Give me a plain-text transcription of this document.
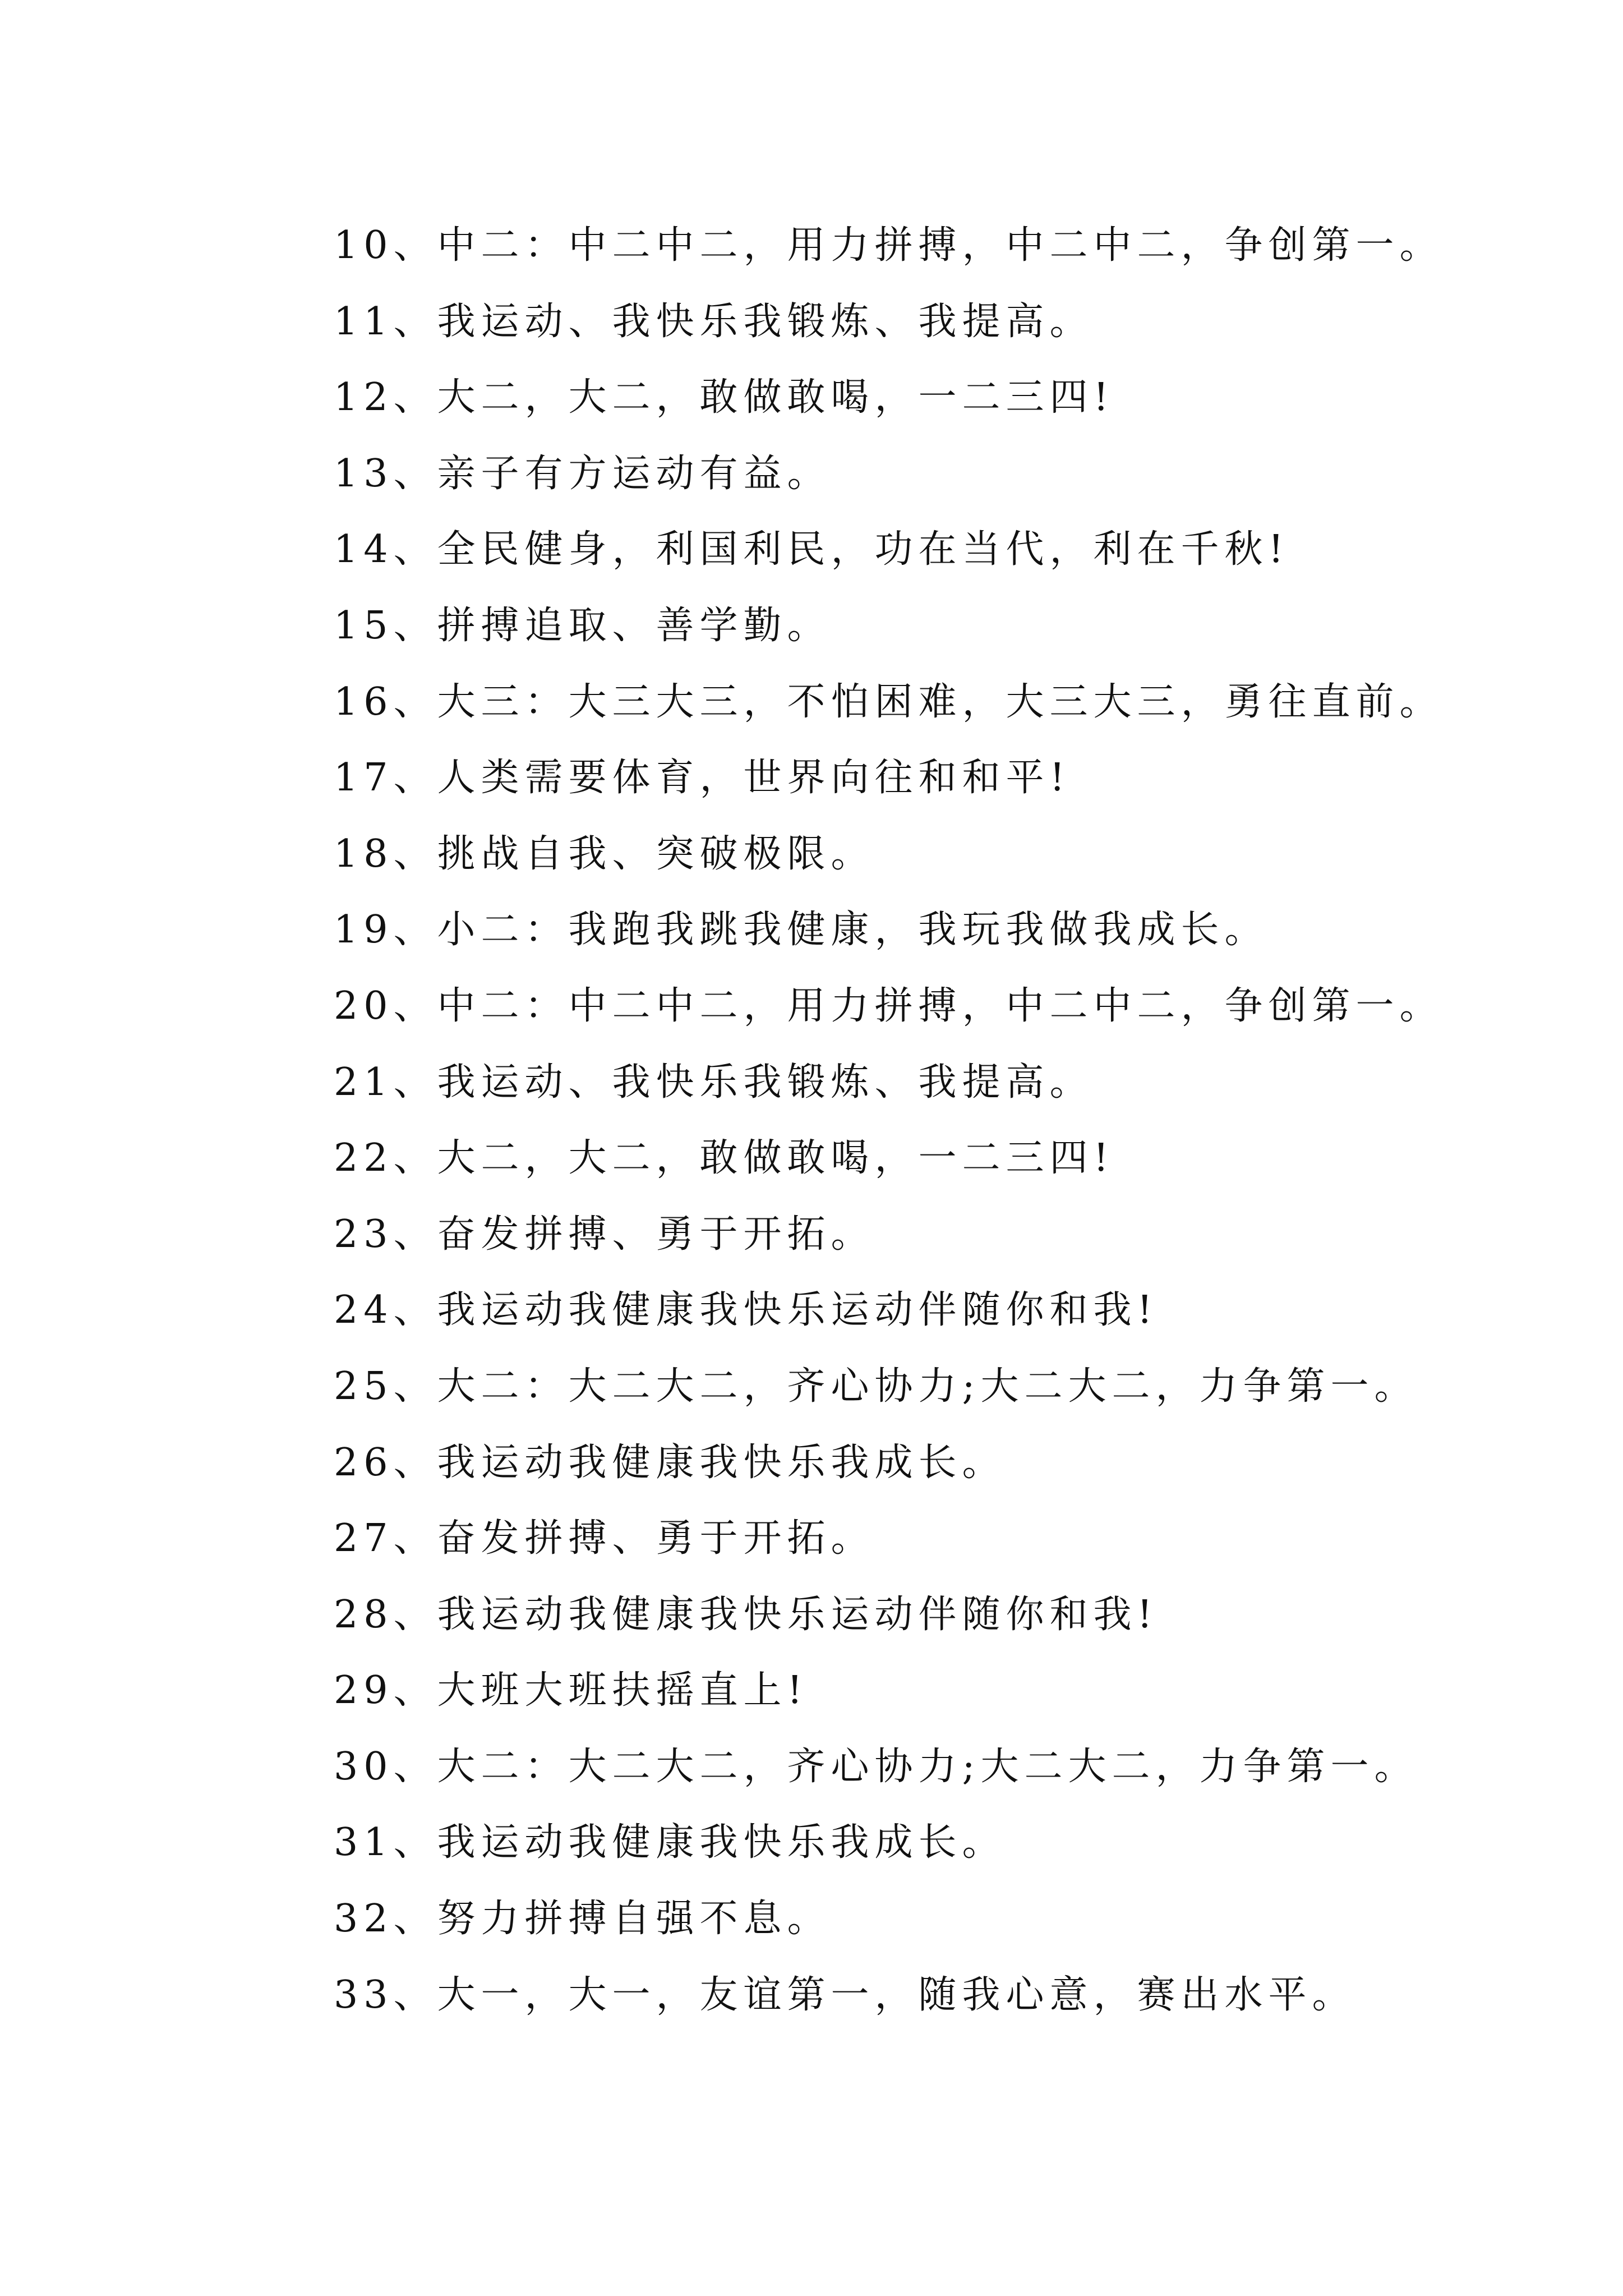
10、中二：中二中二，用力拼搏，中二中二，争创第一。
11、我运动、我快乐我锻炼、我提高。
12、大二，大二，敢做敢喝，一二三四!
13、亲子有方运动有益。
14、全民健身，利国利民，功在当代，利在千秋!
15、拼搏追取、善学勤。
16、大三：大三大三，不怕困难，大三大三，勇往直前。
17、人类需要体育，世界向往和和平!
18、挑战自我、突破极限。
19、小二：我跑我跳我健康，我玩我做我成长。
20、中二：中二中二，用力拼搏，中二中二，争创第一。
21、我运动、我快乐我锻炼、我提高。
22、大二，大二，敢做敢喝，一二三四!
23、奋发拼搏、勇于开拓。
24、我运动我健康我快乐运动伴随你和我!
25、大二：大二大二，齐心协力;大二大二，力争第一。
26、我运动我健康我快乐我成长。
27、奋发拼搏、勇于开拓。
28、我运动我健康我快乐运动伴随你和我!
29、大班大班扶摇直上!
30、大二：大二大二，齐心协力;大二大二，力争第一。
31、我运动我健康我快乐我成长。
32、努力拼搏自强不息。
33、大一，大一，友谊第一，随我心意，赛出水平。
